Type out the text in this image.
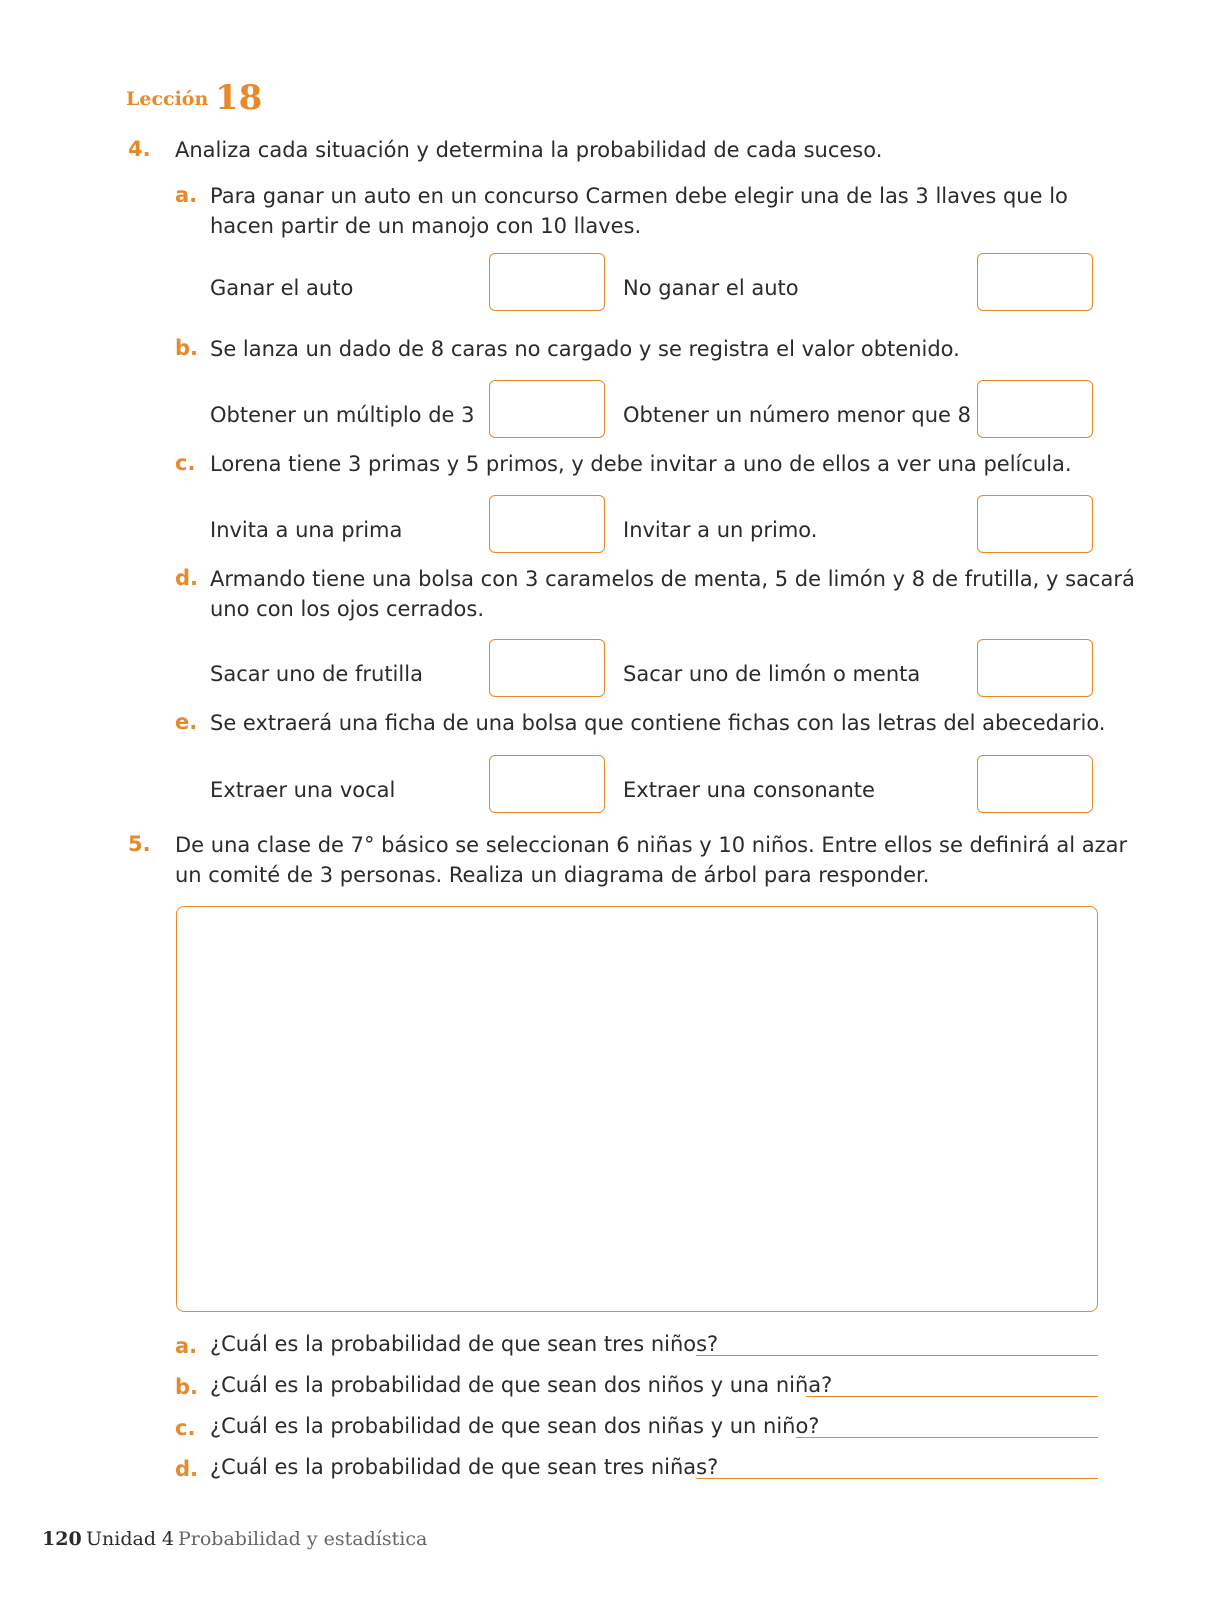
Lección 18
4. Analiza cada situación y determina la probabilidad de cada suceso.
a. Para ganar un auto en un concurso Carmen debe elegir una de las 3 llaves que lo
hacen partir de un manojo con 10 llaves.
Ganar el auto	No ganar el auto
b. Se lanza un dado de 8 caras no cargado y se registra el valor obtenido.
Obtener un múltiplo de 3	Obtener un número menor que 8
c. Lorena tiene 3 primas y 5 primos, y debe invitar a uno de ellos a ver una película.
Invita a una prima	Invitar a un primo.
d. Armando tiene una bolsa con 3 caramelos de menta, 5 de limón y 8 de frutilla, y sacará
uno con los ojos cerrados.
Sacar uno de frutilla	Sacar uno de limón o menta
e. Se extraerá una ficha de una bolsa que contiene fichas con las letras del abecedario.
Extraer una vocal	Extraer una consonante
5. De una clase de 7° básico se seleccionan 6 niñas y 10 niños. Entre ellos se definirá al azar
un comité de 3 personas. Realiza un diagrama de árbol para responder.
a. ¿Cuál es la probabilidad de que sean tres niños?
b. ¿Cuál es la probabilidad de que sean dos niños y una niña?
c. ¿Cuál es la probabilidad de que sean dos niñas y un niño?
d. ¿Cuál es la probabilidad de que sean tres niñas?
120 Unidad 4 Probabilidad y estadística
